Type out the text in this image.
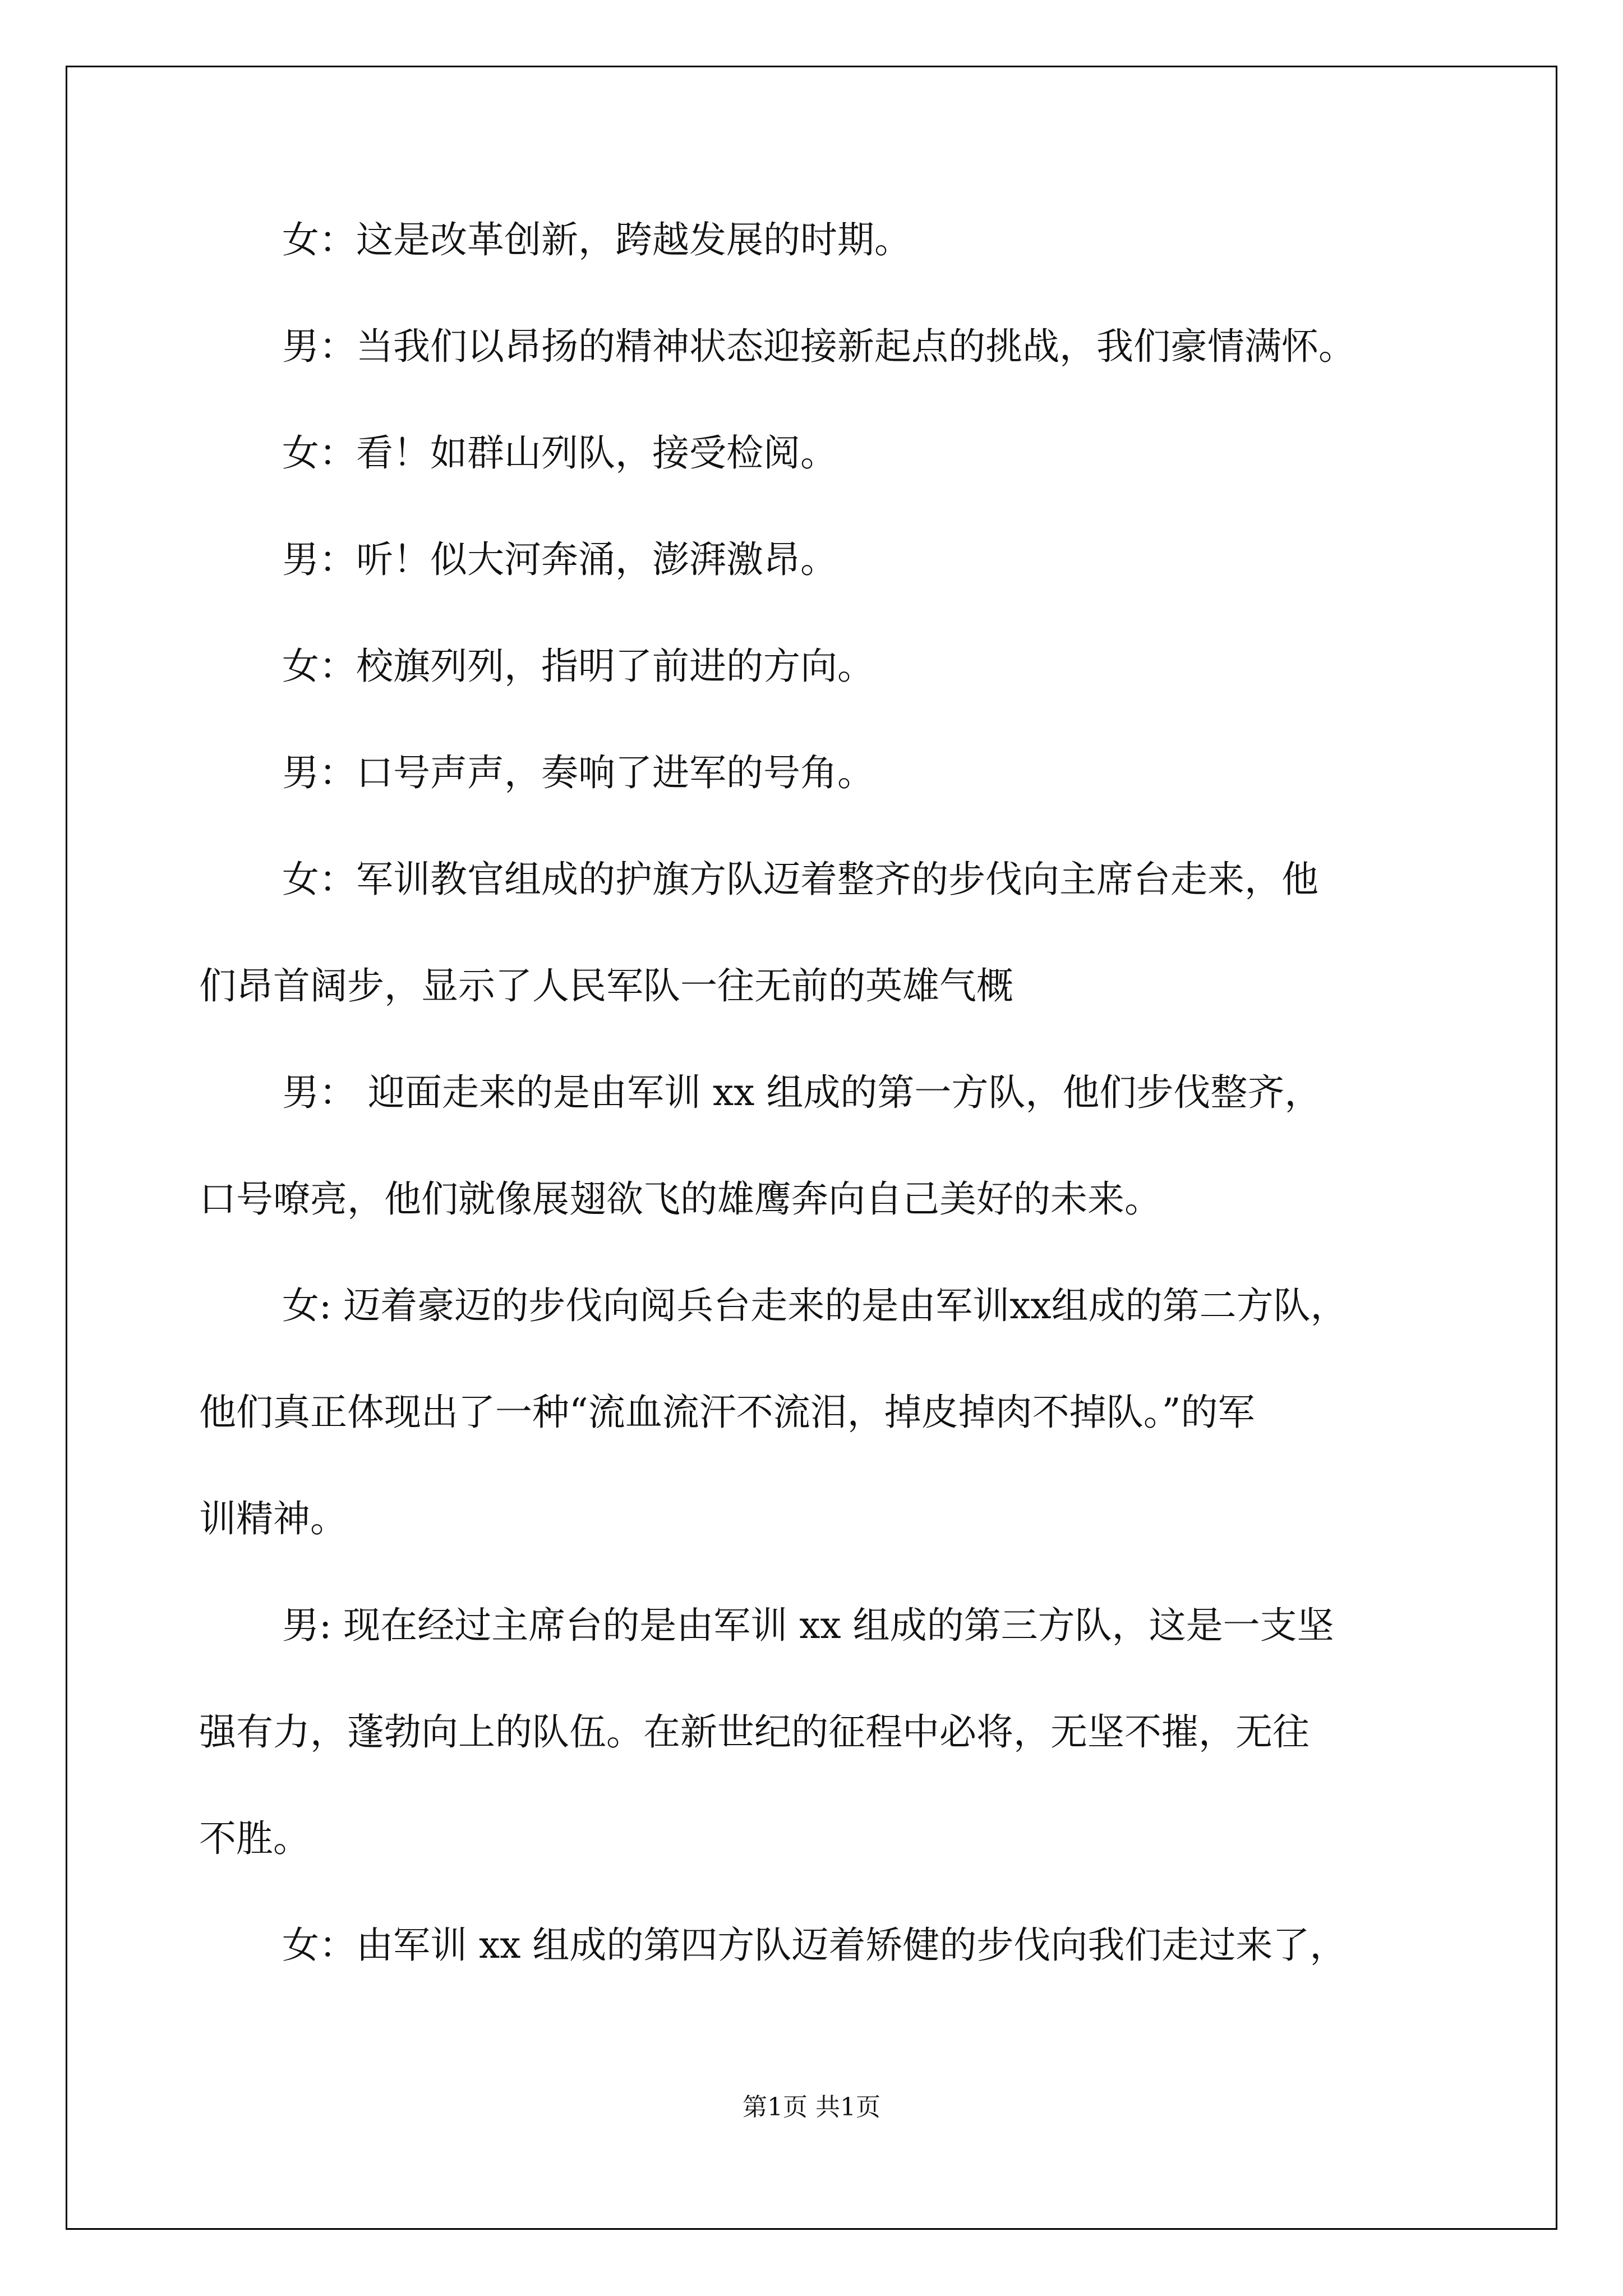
女：这是改革创新，跨越发展的时期。
男：当我们以昂扬的精神状态迎接新起点的挑战，我们豪情满怀。
女：看！如群山列队，接受检阅。
男：听！似大河奔涌，澎湃激昂。
女：校旗列列，指明了前进的方向。
男：口号声声，奏响了进军的号角。
女：军训教官组成的护旗方队迈着整齐的步伐向主席台走来，他
们昂首阔步，显示了人民军队一往无前的英雄气概
男： 迎面走来的是由军训 xx 组成的第一方队，他们步伐整齐，
口号嘹亮，他们就像展翅欲飞的雄鹰奔向自己美好的未来。
女: 迈着豪迈的步伐向阅兵台走来的是由军训xx组成的第二方队，
他们真正体现出了一种“流血流汗不流泪，掉皮掉肉不掉队。”的军
训精神。
男: 现在经过主席台的是由军训 xx 组成的第三方队，这是一支坚
强有力，蓬勃向上的队伍。在新世纪的征程中必将，无坚不摧，无往
不胜。
女：由军训 xx 组成的第四方队迈着矫健的步伐向我们走过来了，
第1页 共1页
